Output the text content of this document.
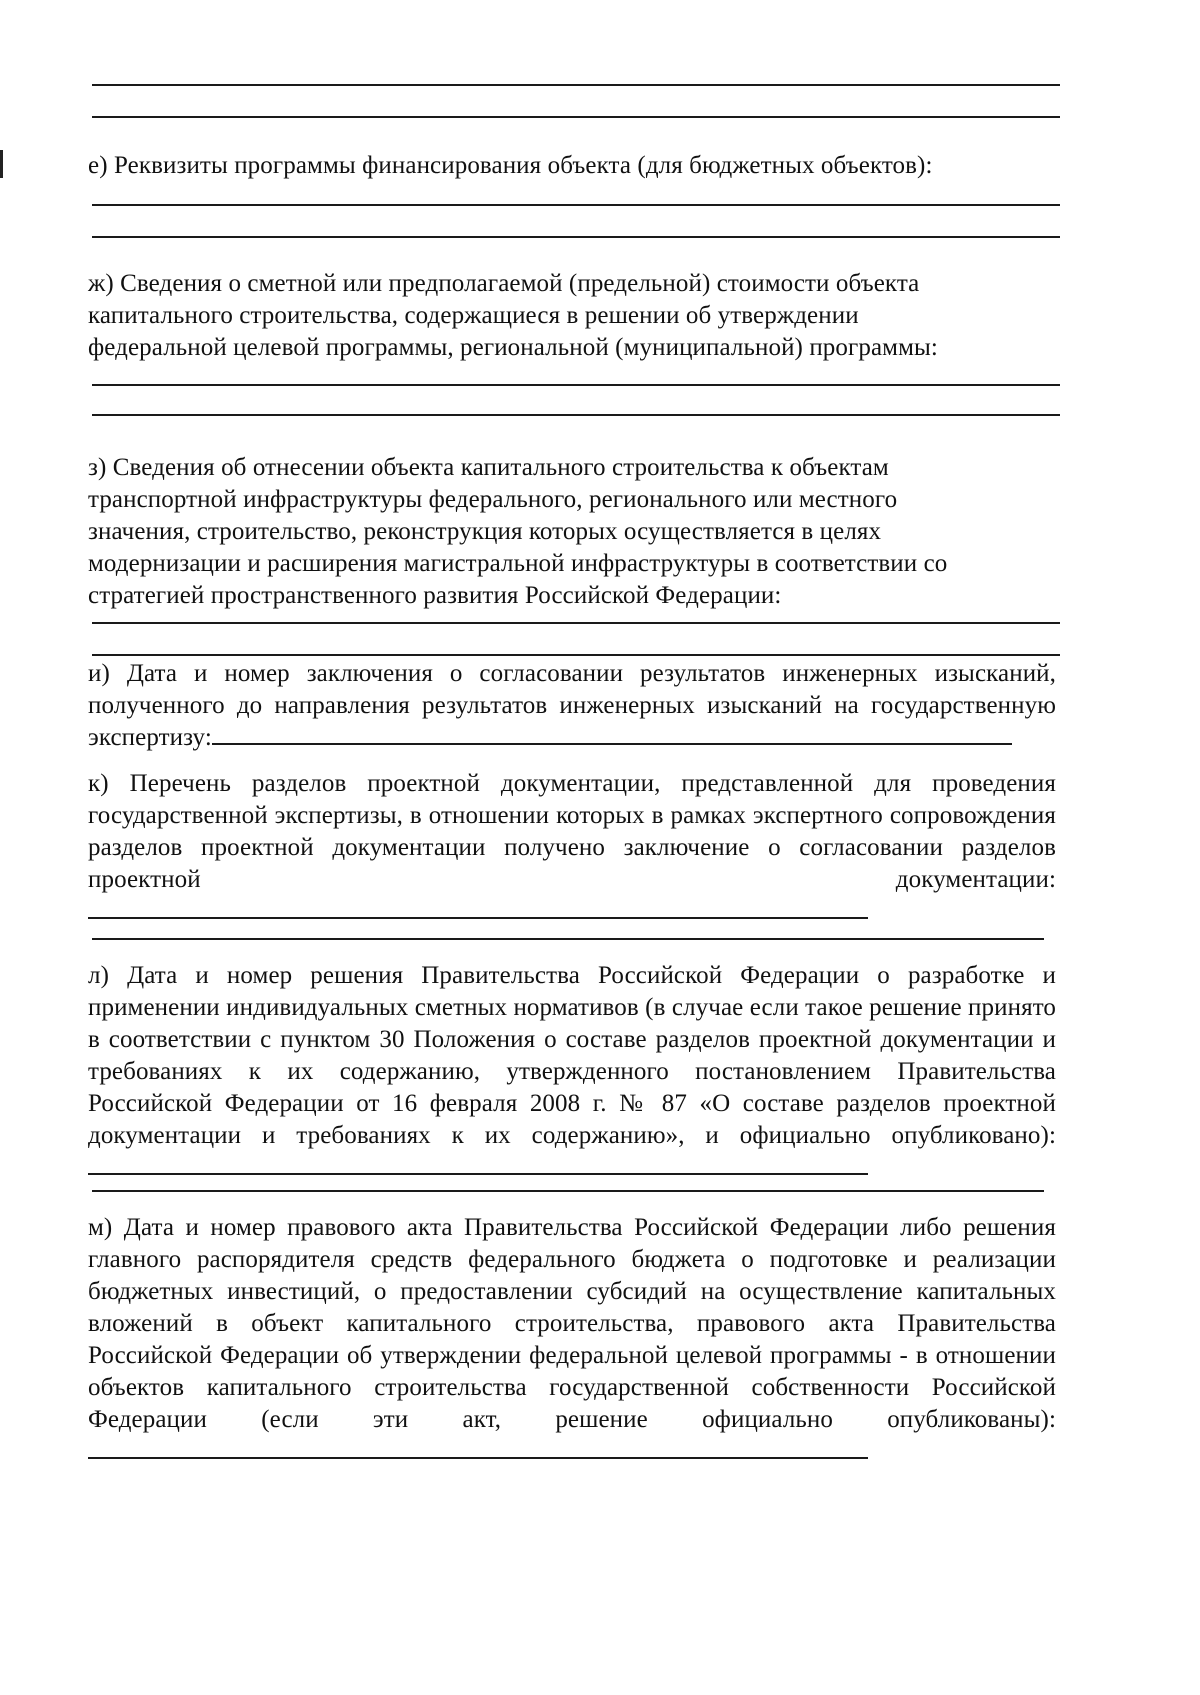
е) Реквизиты программы финансирования объекта (для бюджетных объектов):

ж) Сведения о сметной или предполагаемой (предельной) стоимости объекта капитального строительства, содержащиеся в решении об утверждении федеральной целевой программы, региональной (муниципальной) программы:

з) Сведения об отнесении объекта капитального строительства к объектам транспортной инфраструктуры федерального, регионального или местного значения, строительство, реконструкция которых осуществляется в целях модернизации и расширения магистральной инфраструктуры в соответствии со стратегией пространственного развития Российской Федерации:

и) Дата и номер заключения о согласовании результатов инженерных изысканий, полученного до направления результатов инженерных изысканий на государственную экспертизу:

к) Перечень разделов проектной документации, представленной для проведения государственной экспертизы, в отношении которых в рамках экспертного сопровождения разделов проектной документации получено заключение о согласовании разделов проектной документации:

л) Дата и номер решения Правительства Российской Федерации о разработке и применении индивидуальных сметных нормативов (в случае если такое решение принято в соответствии с пунктом 30 Положения о составе разделов проектной документации и требованиях к их содержанию, утвержденного постановлением Правительства Российской Федерации от 16 февраля 2008 г. № 87 «О составе разделов проектной документации и требованиях к их содержанию», и официально опубликовано):

м) Дата и номер правового акта Правительства Российской Федерации либо решения главного распорядителя средств федерального бюджета о подготовке и реализации бюджетных инвестиций, о предоставлении субсидий на осуществление капитальных вложений в объект капитального строительства, правового акта Правительства Российской Федерации об утверждении федеральной целевой программы - в отношении объектов капитального строительства государственной собственности Российской Федерации (если эти акт, решение официально опубликованы):
